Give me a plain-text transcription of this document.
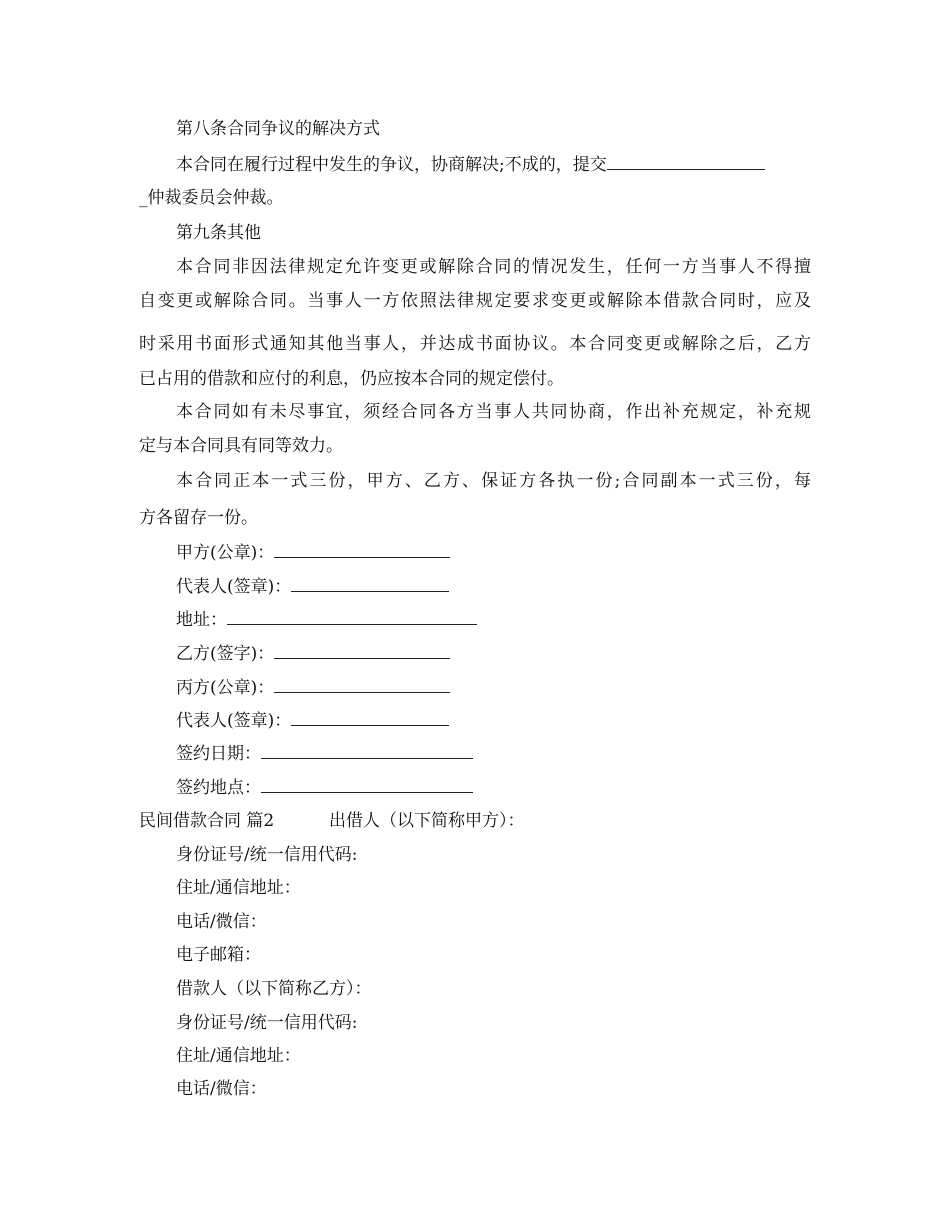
第八条合同争议的解决方式
本合同在履行过程中发生的争议，协商解决;不成的，提交
_仲裁委员会仲裁。
第九条其他
本合同非因法律规定允许变更或解除合同的情况发生，任何一方当事人不得擅
自变更或解除合同。当事人一方依照法律规定要求变更或解除本借款合同时，应及
时采用书面形式通知其他当事人，并达成书面协议。本合同变更或解除之后，乙方
已占用的借款和应付的利息，仍应按本合同的规定偿付。
本合同如有未尽事宜，须经合同各方当事人共同协商，作出补充规定，补充规
定与本合同具有同等效力。
本合同正本一式三份，甲方、乙方、保证方各执一份;合同副本一式三份，每
方各留存一份。
甲方(公章)：
代表人(签章)：
地址：
乙方(签字)：
丙方(公章)：
代表人(签章)：
签约日期：
签约地点：
民间借款合同 篇2	出借人（以下简称甲方）：
身份证号/统一信用代码:
住址/通信地址：
电话/微信：
电子邮箱：
借款人（以下简称乙方）：
身份证号/统一信用代码:
住址/通信地址：
电话/微信：
